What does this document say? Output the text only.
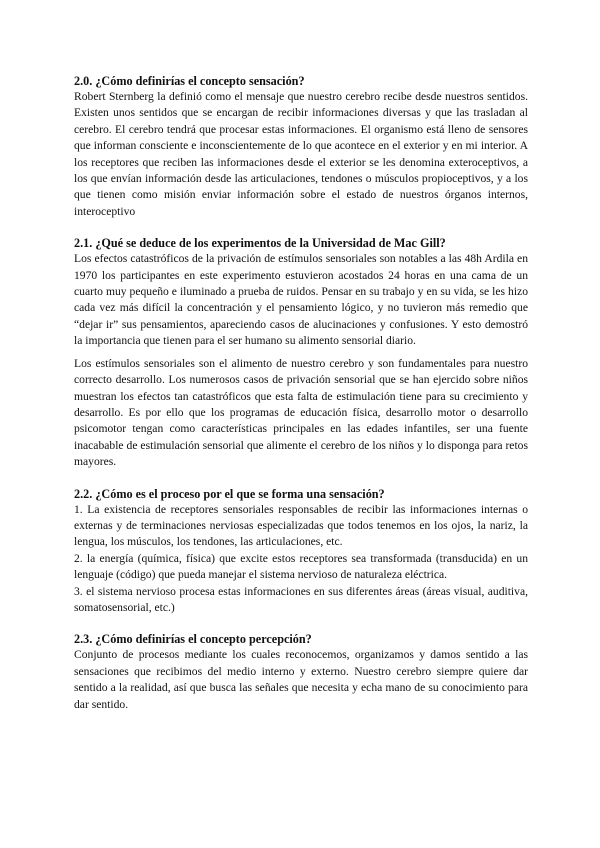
2.0. ¿Cómo definirías el concepto sensación?

Robert Sternberg la definió como el mensaje que nuestro cerebro recibe desde nuestros sentidos. Existen unos sentidos que se encargan de recibir informaciones diversas y que las trasladan al cerebro. El cerebro tendrá que procesar estas informaciones. El organismo está lleno de sensores que informan consciente e inconscientemente de lo que acontece en el exterior y en mi interior. A los receptores que reciben las informaciones desde el exterior se les denomina exteroceptivos, a los que envían información desde las articulaciones, tendones o músculos propioceptivos, y a los que tienen como misión enviar información sobre el estado de nuestros órganos internos, interoceptivo

2.1. ¿Qué se deduce de los experimentos de la Universidad de Mac Gill?

Los efectos catastróficos de la privación de estímulos sensoriales son notables a las 48h Ardila en 1970 los participantes en este experimento estuvieron acostados 24 horas en una cama de un cuarto muy pequeño e iluminado a prueba de ruidos. Pensar en su trabajo y en su vida, se les hizo cada vez más difícil la concentración y el pensamiento lógico, y no tuvieron más remedio que “dejar ir” sus pensamientos, apareciendo casos de alucinaciones y confusiones. Y esto demostró la importancia que tienen para el ser humano su alimento sensorial diario.

Los estímulos sensoriales son el alimento de nuestro cerebro y son fundamentales para nuestro correcto desarrollo. Los numerosos casos de privación sensorial que se han ejercido sobre niños muestran los efectos tan catastróficos que esta falta de estimulación tiene para su crecimiento y desarrollo. Es por ello que los programas de educación física, desarrollo motor o desarrollo psicomotor tengan como características principales en las edades infantiles, ser una fuente inacabable de estimulación sensorial que alimente el cerebro de los niños y lo disponga para retos mayores.

2.2. ¿Cómo es el proceso por el que se forma una sensación?

1. La existencia de receptores sensoriales responsables de recibir las informaciones internas o externas y de terminaciones nerviosas especializadas que todos tenemos en los ojos, la nariz, la lengua, los músculos, los tendones, las articulaciones, etc.

2. la energía (química, física) que excite estos receptores sea transformada (transducida) en un lenguaje (código) que pueda manejar el sistema nervioso de naturaleza eléctrica.

3. el sistema nervioso procesa estas informaciones en sus diferentes áreas (áreas visual, auditiva, somatosensorial, etc.)

2.3. ¿Cómo definirías el concepto percepción?

Conjunto de procesos mediante los cuales reconocemos, organizamos y damos sentido a las sensaciones que recibimos del medio interno y externo. Nuestro cerebro siempre quiere dar sentido a la realidad, así que busca las señales que necesita y echa mano de su conocimiento para dar sentido.
